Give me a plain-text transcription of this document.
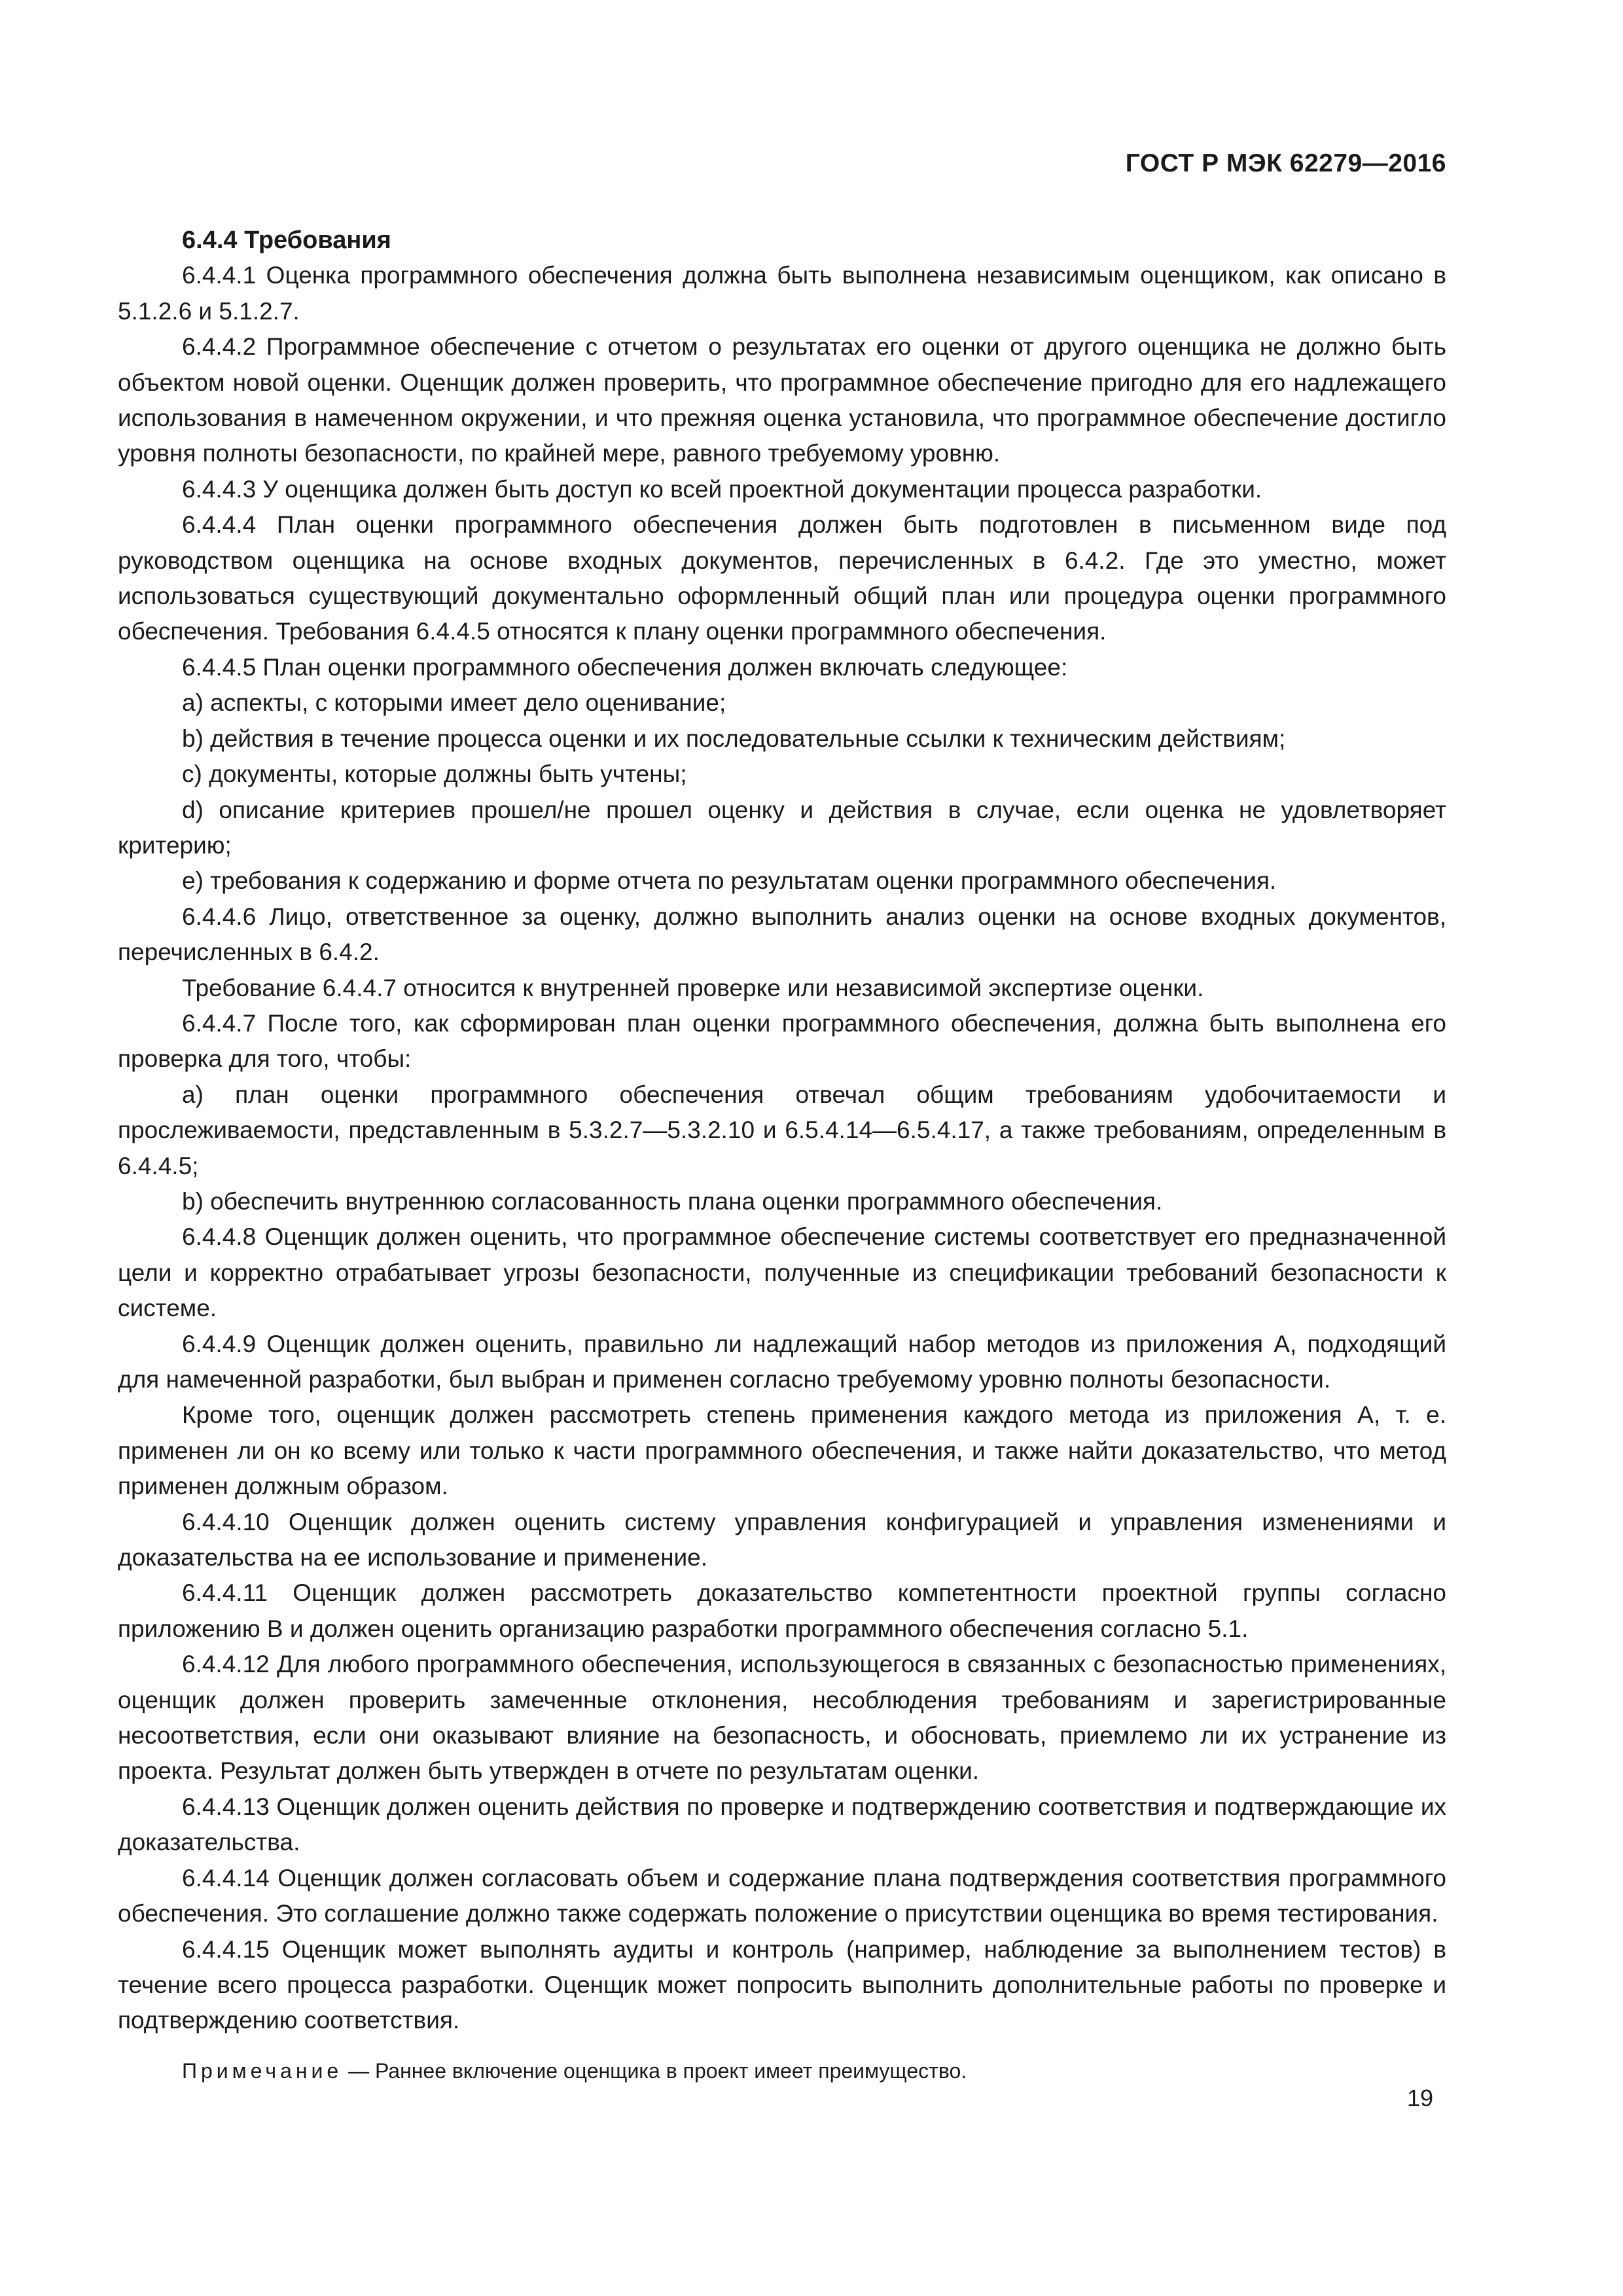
ГОСТ Р МЭК 62279—2016
6.4.4 Требования

6.4.4.1 Оценка программного обеспечения должна быть выполнена независимым оценщиком, как описано в 5.1.2.6 и 5.1.2.7.

6.4.4.2 Программное обеспечение с отчетом о результатах его оценки от другого оценщика не должно быть объектом новой оценки. Оценщик должен проверить, что программное обеспечение пригодно для его надлежащего использования в намеченном окружении, и что прежняя оценка установила, что программное обеспечение достигло уровня полноты безопасности, по крайней мере, равного требуемому уровню.

6.4.4.3 У оценщика должен быть доступ ко всей проектной документации процесса разработки.

6.4.4.4 План оценки программного обеспечения должен быть подготовлен в письменном виде под руководством оценщика на основе входных документов, перечисленных в 6.4.2. Где это уместно, может использоваться существующий документально оформленный общий план или процедура оценки программного обеспечения. Требования 6.4.4.5 относятся к плану оценки программного обеспечения.

6.4.4.5 План оценки программного обеспечения должен включать следующее:

а) аспекты, с которыми имеет дело оценивание;

b) действия в течение процесса оценки и их последовательные ссылки к техническим действиям;

с) документы, которые должны быть учтены;

d) описание критериев прошел/не прошел оценку и действия в случае, если оценка не удовлетворяет критерию;

е) требования к содержанию и форме отчета по результатам оценки программного обеспечения.

6.4.4.6 Лицо, ответственное за оценку, должно выполнить анализ оценки на основе входных документов, перечисленных в 6.4.2.

Требование 6.4.4.7 относится к внутренней проверке или независимой экспертизе оценки.

6.4.4.7 После того, как сформирован план оценки программного обеспечения, должна быть выполнена его проверка для того, чтобы:

а) план оценки программного обеспечения отвечал общим требованиям удобочитаемости и прослеживаемости, представленным в 5.3.2.7—5.3.2.10 и 6.5.4.14—6.5.4.17, а также требованиям, определенным в 6.4.4.5;

b) обеспечить внутреннюю согласованность плана оценки программного обеспечения.

6.4.4.8 Оценщик должен оценить, что программное обеспечение системы соответствует его предназначенной цели и корректно отрабатывает угрозы безопасности, полученные из спецификации требований безопасности к системе.

6.4.4.9 Оценщик должен оценить, правильно ли надлежащий набор методов из приложения А, подходящий для намеченной разработки, был выбран и применен согласно требуемому уровню полноты безопасности.

Кроме того, оценщик должен рассмотреть степень применения каждого метода из приложения А, т. е. применен ли он ко всему или только к части программного обеспечения, и также найти доказательство, что метод применен должным образом.

6.4.4.10 Оценщик должен оценить систему управления конфигурацией и управления изменениями и доказательства на ее использование и применение.

6.4.4.11 Оценщик должен рассмотреть доказательство компетентности проектной группы согласно приложению В и должен оценить организацию разработки программного обеспечения согласно 5.1.

6.4.4.12 Для любого программного обеспечения, использующегося в связанных с безопасностью применениях, оценщик должен проверить замеченные отклонения, несоблюдения требованиям и зарегистрированные несоответствия, если они оказывают влияние на безопасность, и обосновать, приемлемо ли их устранение из проекта. Результат должен быть утвержден в отчете по результатам оценки.

6.4.4.13 Оценщик должен оценить действия по проверке и подтверждению соответствия и подтверждающие их доказательства.

6.4.4.14 Оценщик должен согласовать объем и содержание плана подтверждения соответствия программного обеспечения. Это соглашение должно также содержать положение о присутствии оценщика во время тестирования.

6.4.4.15 Оценщик может выполнять аудиты и контроль (например, наблюдение за выполнением тестов) в течение всего процесса разработки. Оценщик может попросить выполнить дополнительные работы по проверке и подтверждению соответствия.

Примечание — Раннее включение оценщика в проект имеет преимущество.

19
